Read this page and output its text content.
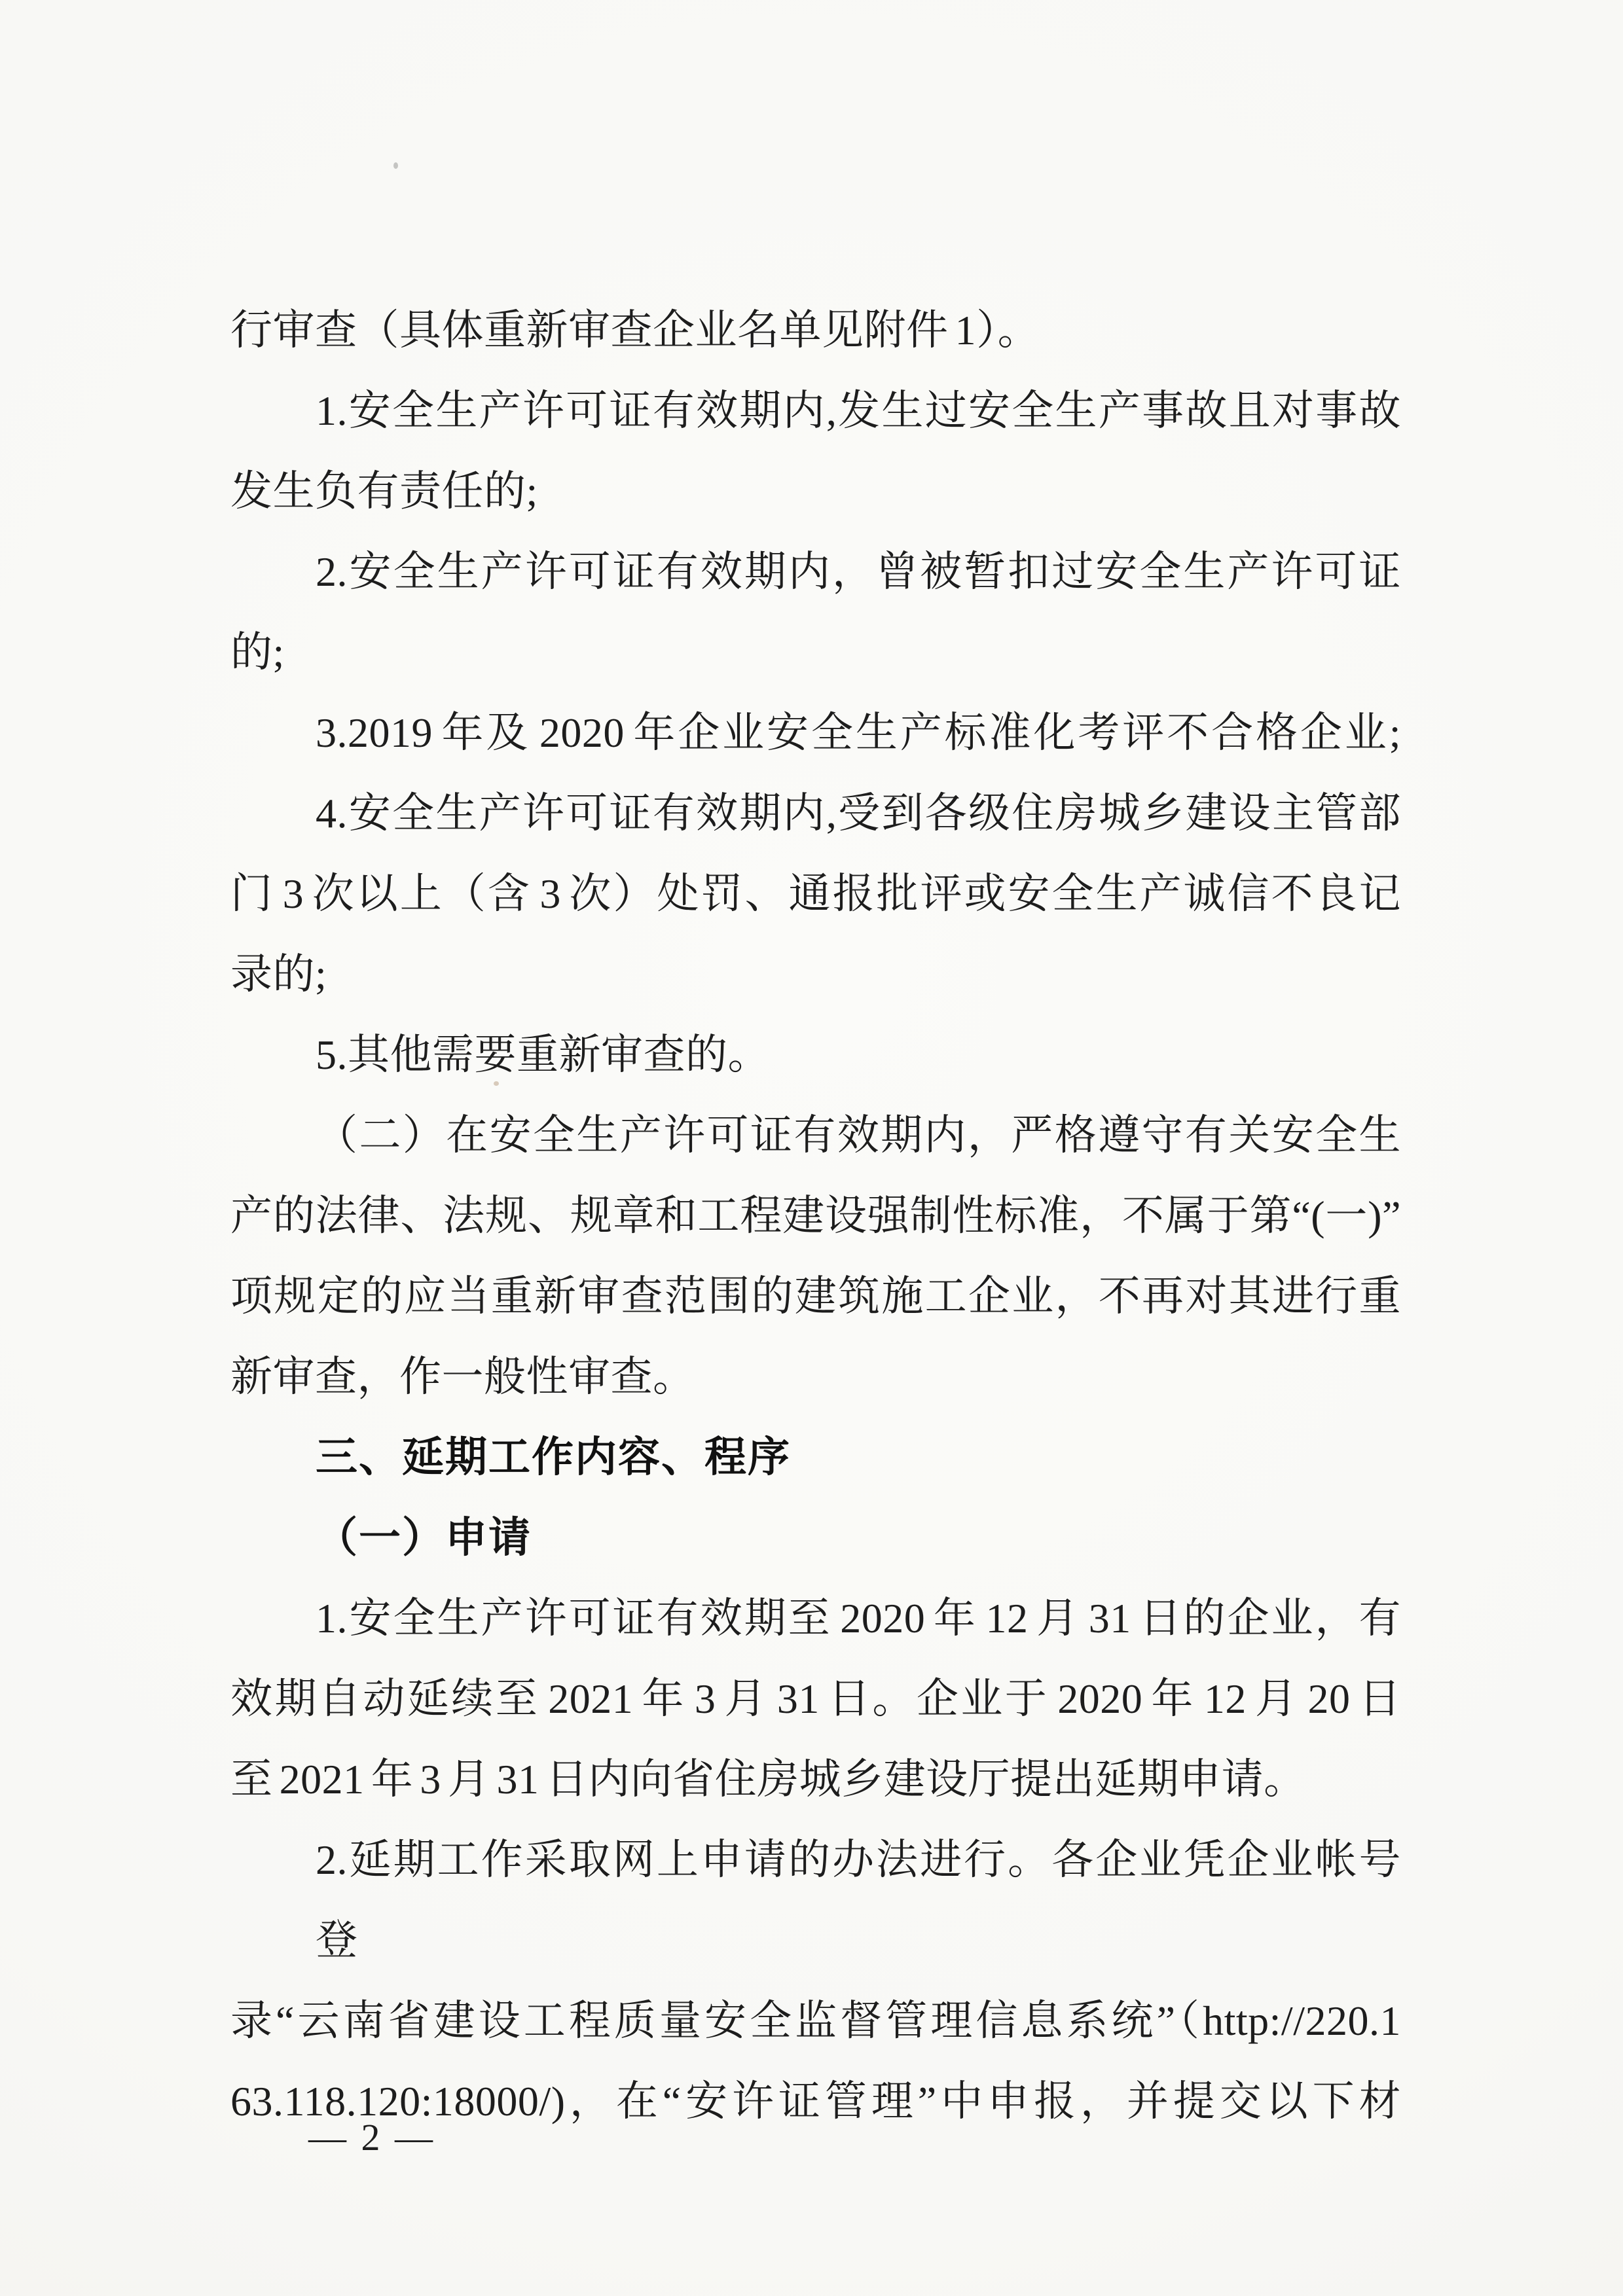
行审查（具体重新审查企业名单见附件 1）。
1.安全生产许可证有效期内,发生过安全生产事故且对事故
发生负有责任的;
2.安全生产许可证有效期内，曾被暂扣过安全生产许可证
的;
3.2019 年及 2020 年企业安全生产标准化考评不合格企业;
4.安全生产许可证有效期内,受到各级住房城乡建设主管部
门 3 次以上（含 3 次）处罚、通报批评或安全生产诚信不良记
录的;
5.其他需要重新审查的。
（二）在安全生产许可证有效期内，严格遵守有关安全生
产的法律、法规、规章和工程建设强制性标准，不属于第“(一)”
项规定的应当重新审查范围的建筑施工企业，不再对其进行重
新审查，作一般性审查。
三、延期工作内容、程序
（一）申请
1.安全生产许可证有效期至 2020 年 12 月 31 日的企业，有
效期自动延续至 2021 年 3 月 31 日。企业于 2020 年 12 月 20 日
至 2021 年 3 月 31 日内向省住房城乡建设厅提出延期申请。
2.延期工作采取网上申请的办法进行。各企业凭企业帐号登
录“云南省建设工程质量安全监督管理信息系统”（http://220.1
63.118.120:18000/)，在“安许证管理”中申报，并提交以下材
— 2 —
